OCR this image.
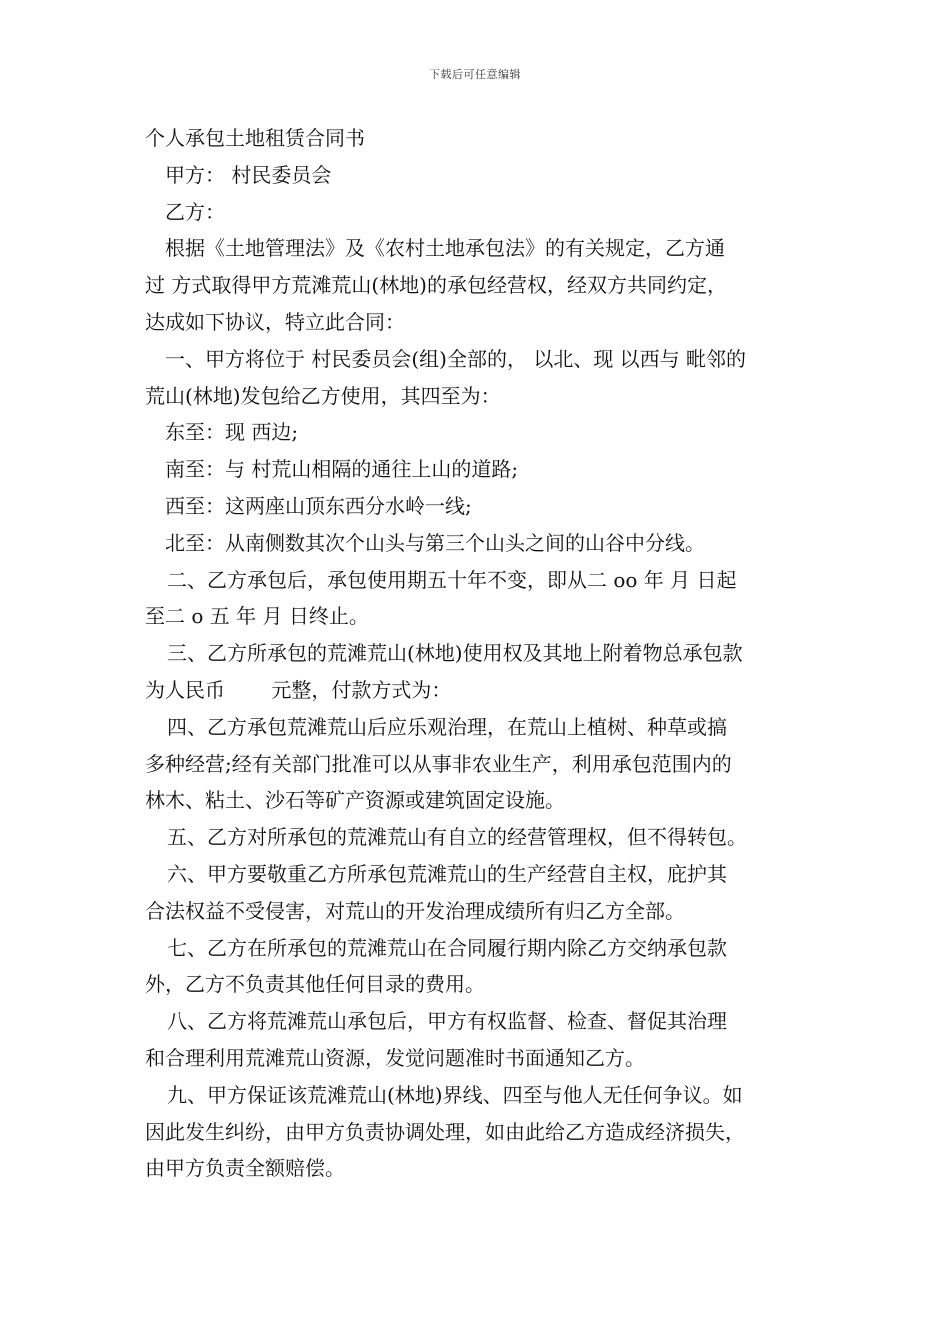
下载后可任意编辑
个人承包土地租赁合同书
甲方： 村民委员会
乙方：
根据《土地管理法》及《农村土地承包法》的有关规定，乙方通
过 方式取得甲方荒滩荒山(林地)的承包经营权，经双方共同约定，
达成如下协议，特立此合同：
一、甲方将位于 村民委员会(组)全部的， 以北、现 以西与 毗邻的
荒山(林地)发包给乙方使用，其四至为：
东至：现 西边;
南至：与 村荒山相隔的通往上山的道路;
西至：这两座山顶东西分水岭一线;
北至：从南侧数其次个山头与第三个山头之间的山谷中分线。
二、乙方承包后，承包使用期五十年不变，即从二 oo 年 月 日起
至二 o 五 年 月 日终止。
三、乙方所承包的荒滩荒山(林地)使用权及其地上附着物总承包款
为人民币　　 元整，付款方式为：
四、乙方承包荒滩荒山后应乐观治理，在荒山上植树、种草或搞
多种经营;经有关部门批准可以从事非农业生产，利用承包范围内的
林木、粘土、沙石等矿产资源或建筑固定设施。
五、乙方对所承包的荒滩荒山有自立的经营管理权，但不得转包。
六、甲方要敬重乙方所承包荒滩荒山的生产经营自主权，庇护其
合法权益不受侵害，对荒山的开发治理成绩所有归乙方全部。
七、乙方在所承包的荒滩荒山在合同履行期内除乙方交纳承包款
外，乙方不负责其他任何目录的费用。
八、乙方将荒滩荒山承包后，甲方有权监督、检查、督促其治理
和合理利用荒滩荒山资源，发觉问题准时书面通知乙方。
九、甲方保证该荒滩荒山(林地)界线、四至与他人无任何争议。如
因此发生纠纷，由甲方负责协调处理，如由此给乙方造成经济损失，
由甲方负责全额赔偿。
